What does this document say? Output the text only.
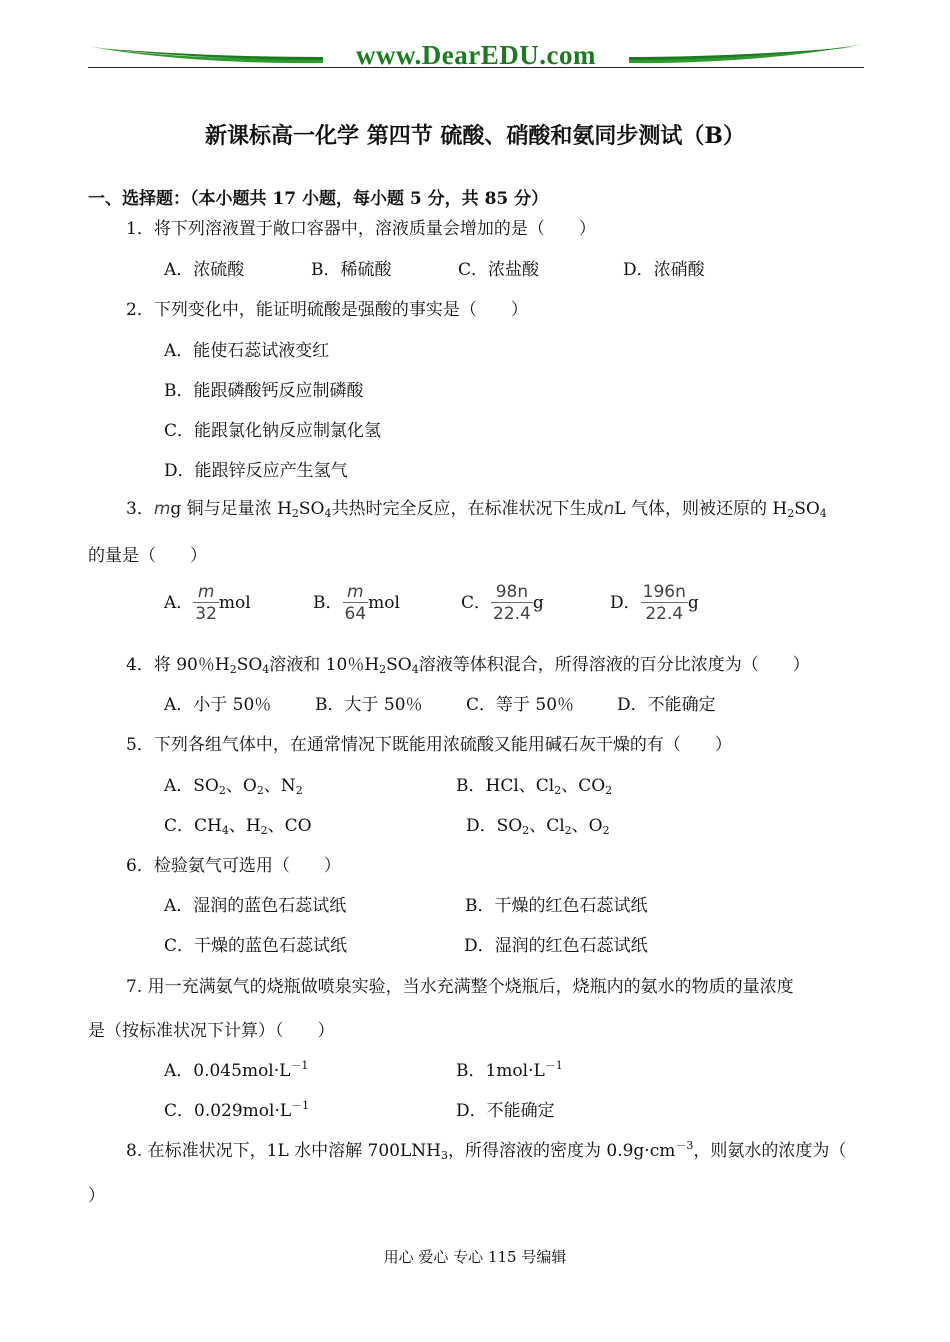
www.DearEDU.com
新课标高一化学 第四节 硫酸、硝酸和氨同步测试（B）
一、选择题：（本小题共 17 小题，每小题 5 分，共 85 分）
1．将下列溶液置于敞口容器中，溶液质量会增加的是（　　）
A．浓硫酸	B．稀硫酸	C．浓盐酸	D．浓硝酸
2．下列变化中，能证明硫酸是强酸的事实是（　　）
A．能使石蕊试液变红
B．能跟磷酸钙反应制磷酸
C．能跟氯化钠反应制氯化氢
D．能跟锌反应产生氢气
3．mg 铜与足量浓 $H_2SO_4$共热时完全反应，在标准状况下生成nL 气体，则被还原的 $H_2SO_4$
的量是（　　）
A． $\frac{m}{32}$ mol	B． $\frac{m}{64}$ mol	C． $\frac{98n}{22.4}$ g	D． $\frac{196n}{22.4}$ g
4．将 90％$H_2SO_4$溶液和 10％$H_2SO_4$溶液等体积混合，所得溶液的百分比浓度为（　　）
A．小于 50％	B．大于 50％	C．等于 50％	D．不能确定
5．下列各组气体中，在通常情况下既能用浓硫酸又能用碱石灰干燥的有（　　）
A．$SO_2$、$O_2$、$N_2$	B．HCl、$Cl_2$、$CO_2$
C．$CH_4$、$H_2$、CO	D．$SO_2$、$Cl_2$、$O_2$
6．检验氨气可选用（　　）
A．湿润的蓝色石蕊试纸	B．干燥的红色石蕊试纸
C．干燥的蓝色石蕊试纸	D．湿润的红色石蕊试纸
7. 用一充满氨气的烧瓶做喷泉实验，当水充满整个烧瓶后，烧瓶内的氨水的物质的量浓度
是（按标准状况下计算）（　　）
A．$0.045mol\cdot L^{-1}$	B．$1mol\cdot L^{-1}$
C．$0.029mol\cdot L^{-1}$	D．不能确定
8. 在标准状况下，1L 水中溶解 $700LNH_3$，所得溶液的密度为 $0.9g\cdot cm^{-3}$，则氨水的浓度为（
）
用心 爱心 专心 115 号编辑
